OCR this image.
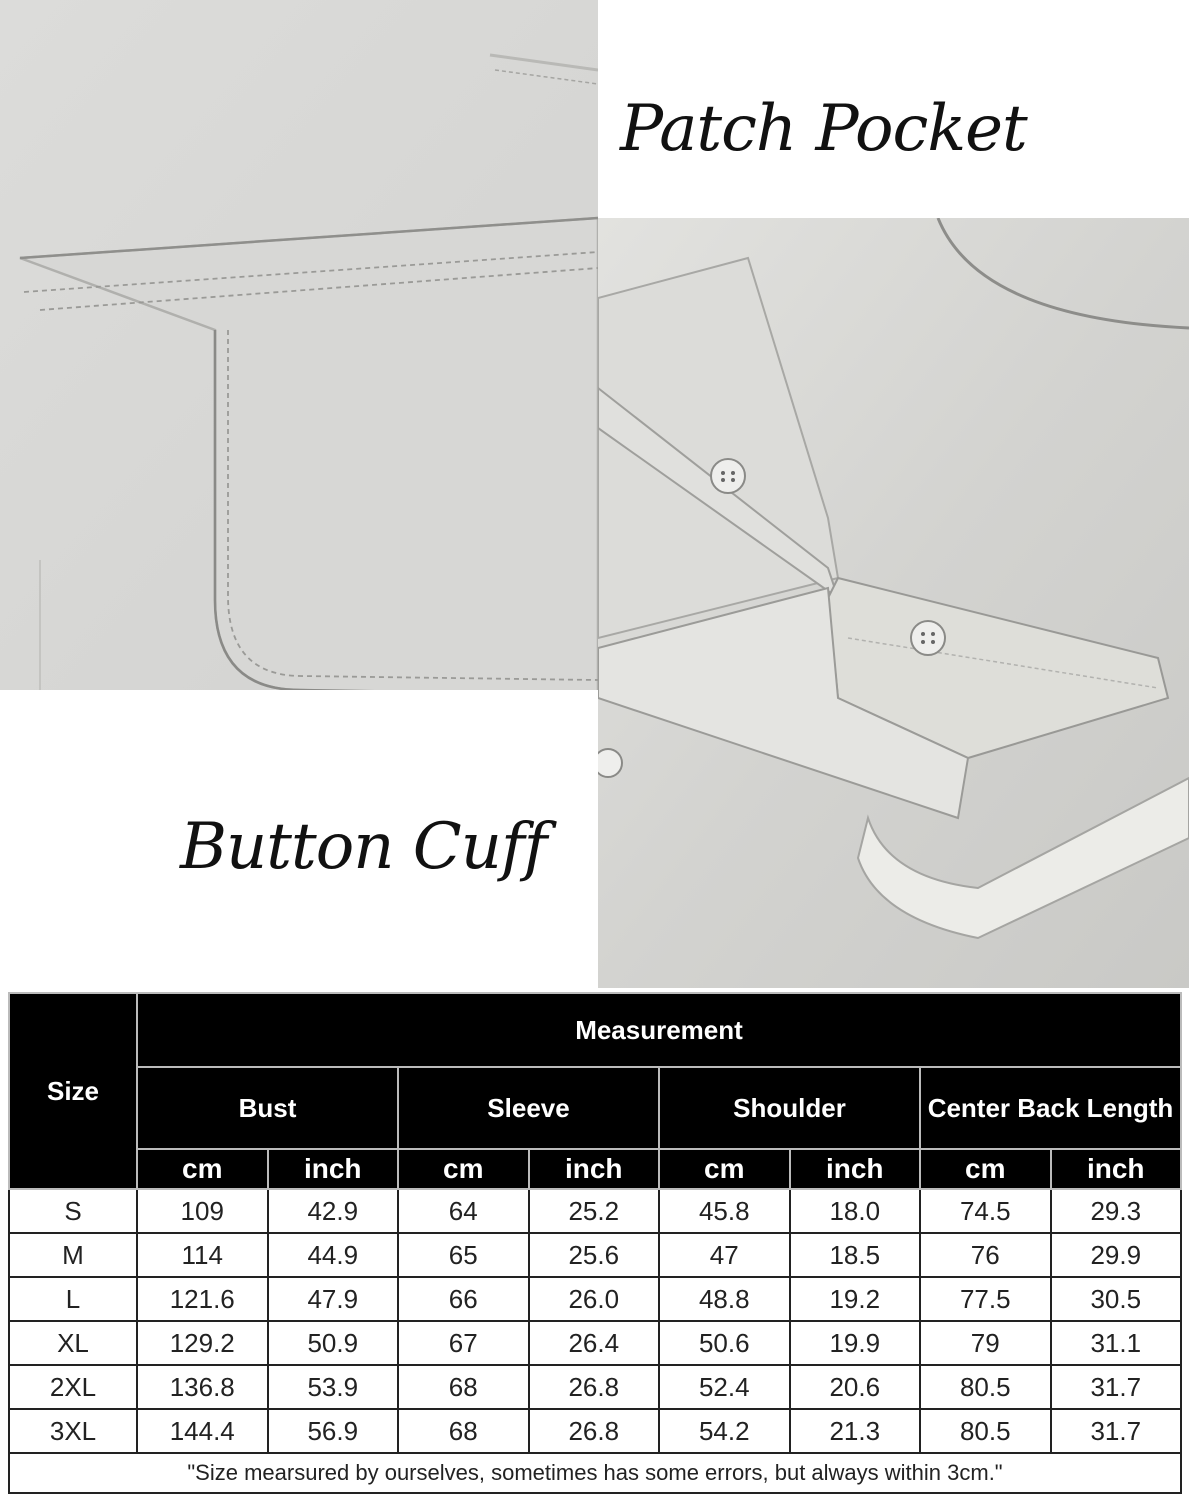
Patch Pocket
Button Cuff
Size	Measurement							
	Bust		Sleeve		Shoulder		Center Back Length	
	cm	inch	cm	inch	cm	inch	cm	inch
S	109	42.9	64	25.2	45.8	18.0	74.5	29.3
M	114	44.9	65	25.6	47	18.5	76	29.9
L	121.6	47.9	66	26.0	48.8	19.2	77.5	30.5
XL	129.2	50.9	67	26.4	50.6	19.9	79	31.1
2XL	136.8	53.9	68	26.8	52.4	20.6	80.5	31.7
3XL	144.4	56.9	68	26.8	54.2	21.3	80.5	31.7
"Size mearsured by ourselves, sometimes has some errors, but always within 3cm."								
